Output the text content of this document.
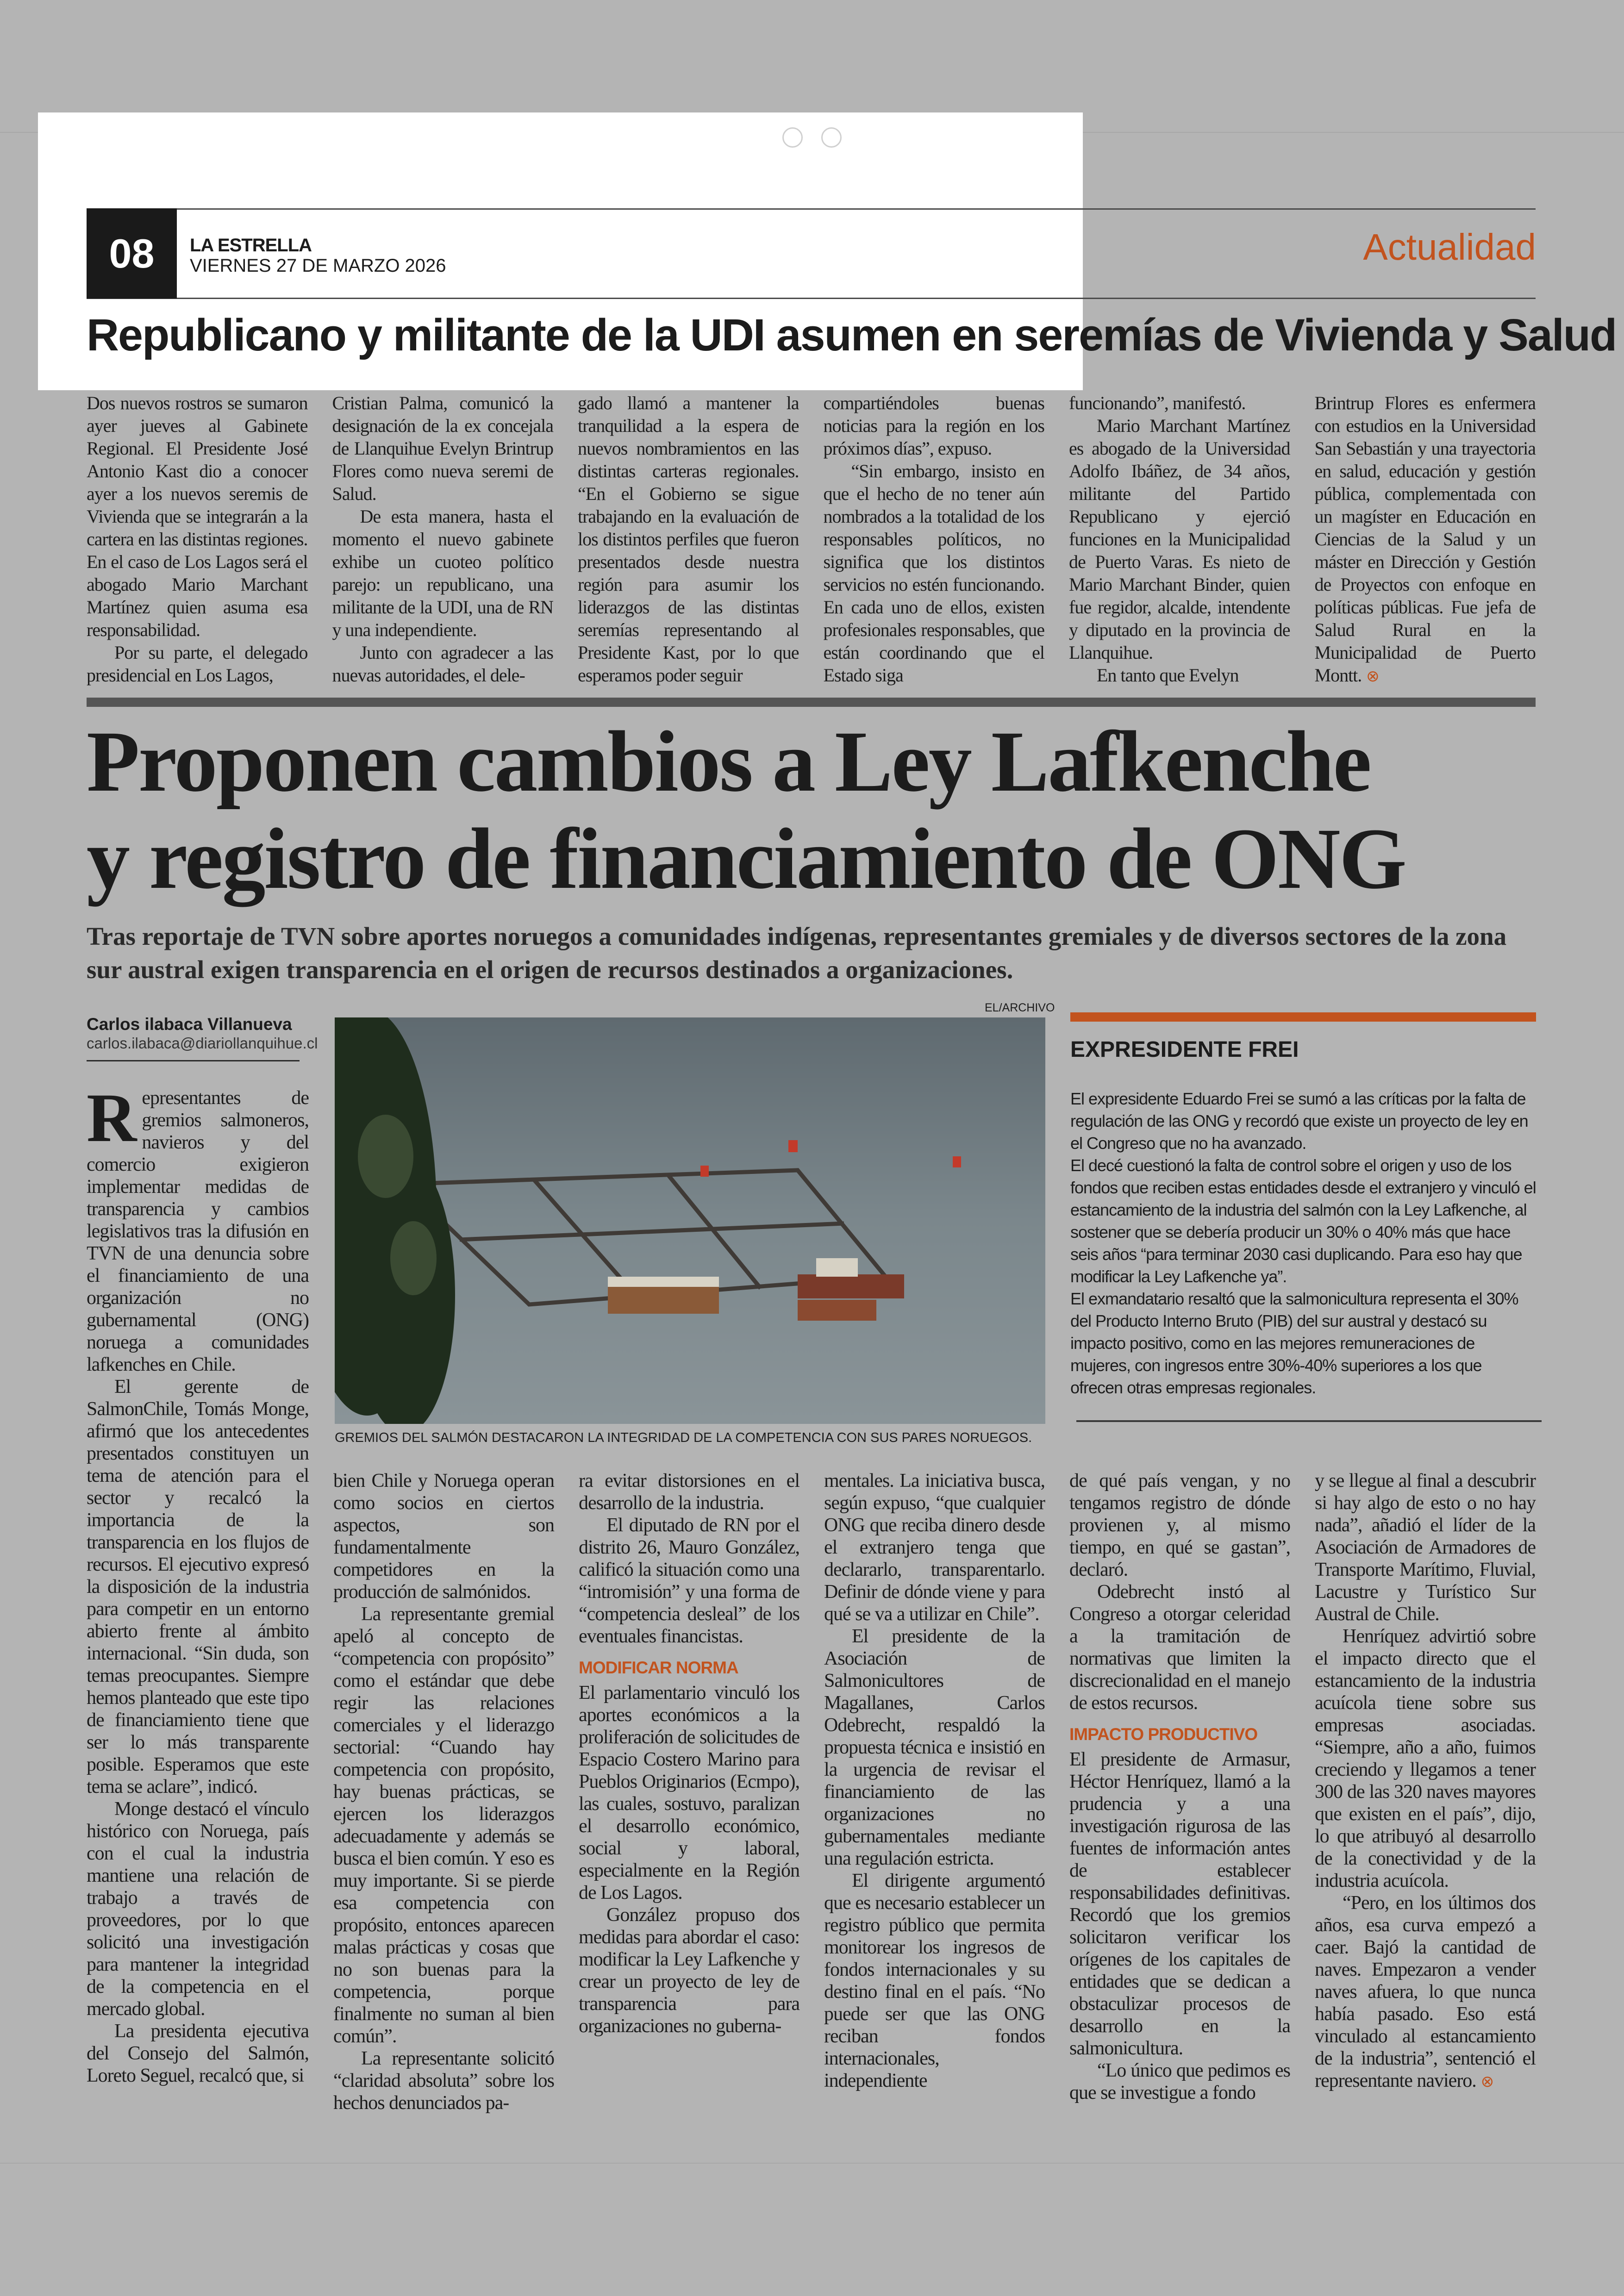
08	LA ESTRELLA
VIERNES 27 DE MARZO 2026	Actualidad
Republicano y militante de la UDI asumen en seremías de Vivienda y Salud

Dos nuevos rostros se sumaron ayer jueves al Gabinete Regional. El Presidente José Antonio Kast dio a conocer ayer a los nuevos seremis de Vivienda que se integrarán a la cartera en las distintas regiones. En el caso de Los Lagos será el abogado Mario Marchant Martínez quien asuma esa responsabilidad.

Por su parte, el delegado presidencial en Los Lagos,

Cristian Palma, comunicó la designación de la ex concejala de Llanquihue Evelyn Brintrup Flores como nueva seremi de Salud.

De esta manera, hasta el momento el nuevo gabinete exhibe un cuoteo político parejo: un republicano, una militante de la UDI, una de RN y una independiente.

Junto con agradecer a las nuevas autoridades, el dele-

gado llamó a mantener la tranquilidad a la espera de nuevos nombramientos en las distintas carteras regionales. “En el Gobierno se sigue trabajando en la evaluación de los distintos perfiles que fueron presentados desde nuestra región para asumir los liderazgos de las distintas seremías representando al Presidente Kast, por lo que esperamos poder seguir

compartiéndoles buenas noticias para la región en los próximos días”, expuso.

“Sin embargo, insisto en que el hecho de no tener aún nombrados a la totalidad de los responsables políticos, no significa que los distintos servicios no estén funcionando. En cada uno de ellos, existen profesionales responsables, que están coordinando que el Estado siga

funcionando”, manifestó.

Mario Marchant Martínez es abogado de la Universidad Adolfo Ibáñez, de 34 años, militante del Partido Republicano y ejerció funciones en la Municipalidad de Puerto Varas. Es nieto de Mario Marchant Binder, quien fue regidor, alcalde, intendente y diputado en la provincia de Llanquihue.

En tanto que Evelyn

Brintrup Flores es enfermera con estudios en la Universidad San Sebastián y una trayectoria en salud, educación y gestión pública, complementada con un magíster en Educación en Ciencias de la Salud y un máster en Dirección y Gestión de Proyectos con enfoque en políticas públicas. Fue jefa de Salud Rural en la Municipalidad de Puerto Montt. ⊗

Proponen cambios a Ley Lafkenche
y registro de financiamiento de ONG
Tras reportaje de TVN sobre aportes noruegos a comunidades indígenas, representantes gremiales y de diversos sectores de la zona sur austral exigen transparencia en el origen de recursos destinados a organizaciones.
Carlos ilabaca Villanueva
carlos.ilabaca@diariollanquihue.cl
EL/ARCHIVO
GREMIOS DEL SALMÓN DESTACARON LA INTEGRIDAD DE LA COMPETENCIA CON SUS PARES NORUEGOS.

Representantes de gremios salmoneros, navieros y del comercio exigieron implementar medidas de transparencia y cambios legislativos tras la difusión en TVN de una denuncia sobre el financiamiento de una organización no gubernamental (ONG) noruega a comunidades lafkenches en Chile.

El gerente de SalmonChile, Tomás Monge, afirmó que los antecedentes presentados constituyen un tema de atención para el sector y recalcó la importancia de la transparencia en los flujos de recursos. El ejecutivo expresó la disposición de la industria para competir en un entorno abierto frente al ámbito internacional. “Sin duda, son temas preocupantes. Siempre hemos planteado que este tipo de financiamiento tiene que ser lo más transparente posible. Esperamos que este tema se aclare”, indicó.

Monge destacó el vínculo histórico con Noruega, país con el cual la industria mantiene una relación de trabajo a través de proveedores, por lo que solicitó una investigación para mantener la integridad de la competencia en el mercado global.

La presidenta ejecutiva del Consejo del Salmón, Loreto Seguel, recalcó que, si

bien Chile y Noruega operan como socios en ciertos aspectos, son fundamentalmente competidores en la producción de salmónidos.

La representante gremial apeló al concepto de “competencia con propósito” como el estándar que debe regir las relaciones comerciales y el liderazgo sectorial: “Cuando hay competencia con propósito, hay buenas prácticas, se ejercen los liderazgos adecuadamente y además se busca el bien común. Y eso es muy importante. Si se pierde esa competencia con propósito, entonces aparecen malas prácticas y cosas que no son buenas para la competencia, porque finalmente no suman al bien común”.

La representante solicitó “claridad absoluta” sobre los hechos denunciados pa-

ra evitar distorsiones en el desarrollo de la industria.

El diputado de RN por el distrito 26, Mauro González, calificó la situación como una “intromisión” y una forma de “competencia desleal” de los eventuales financistas.

MODIFICAR NORMA

El parlamentario vinculó los aportes económicos a la proliferación de solicitudes de Espacio Costero Marino para Pueblos Originarios (Ecmpo), las cuales, sostuvo, paralizan el desarrollo económico, social y laboral, especialmente en la Región de Los Lagos.

González propuso dos medidas para abordar el caso: modificar la Ley Lafkenche y crear un proyecto de ley de transparencia para organizaciones no guberna-

mentales. La iniciativa busca, según expuso, “que cualquier ONG que reciba dinero desde el extranjero tenga que declararlo, transparentarlo. Definir de dónde viene y para qué se va a utilizar en Chile”.

El presidente de la Asociación de Salmonicultores de Magallanes, Carlos Odebrecht, respaldó la propuesta técnica e insistió en la urgencia de revisar el financiamiento de las organizaciones no gubernamentales mediante una regulación estricta.

El dirigente argumentó que es necesario establecer un registro público que permita monitorear los ingresos de fondos internacionales y su destino final en el país. “No puede ser que las ONG reciban fondos internacionales, independiente

de qué país vengan, y no tengamos registro de dónde provienen y, al mismo tiempo, en qué se gastan”, declaró.

Odebrecht instó al Congreso a otorgar celeridad a la tramitación de normativas que limiten la discrecionalidad en el manejo de estos recursos.

IMPACTO PRODUCTIVO

El presidente de Armasur, Héctor Henríquez, llamó a la prudencia y a una investigación rigurosa de las fuentes de información antes de establecer responsabilidades definitivas. Recordó que los gremios solicitaron verificar los orígenes de los capitales de entidades que se dedican a obstaculizar procesos de desarrollo en la salmonicultura.

“Lo único que pedimos es que se investigue a fondo

y se llegue al final a descubrir si hay algo de esto o no hay nada”, añadió el líder de la Asociación de Armadores de Transporte Marítimo, Fluvial, Lacustre y Turístico Sur Austral de Chile.

Henríquez advirtió sobre el impacto directo que el estancamiento de la industria acuícola tiene sobre sus empresas asociadas. “Siempre, año a año, fuimos creciendo y llegamos a tener 300 de las 320 naves mayores que existen en el país”, dijo, lo que atribuyó al desarrollo de la conectividad y de la industria acuícola.

“Pero, en los últimos dos años, esa curva empezó a caer. Bajó la cantidad de naves. Empezaron a vender naves afuera, lo que nunca había pasado. Eso está vinculado al estancamiento de la industria”, sentenció el representante naviero. ⊗

EXPRESIDENTE FREI

El expresidente Eduardo Frei se sumó a las críticas por la falta de regulación de las ONG y recordó que existe un proyecto de ley en el Congreso que no ha avanzado.

El decé cuestionó la falta de control sobre el origen y uso de los fondos que reciben estas entidades desde el extranjero y vinculó el estancamiento de la industria del salmón con la Ley Lafkenche, al sostener que se debería producir un 30% o 40% más que hace seis años “para terminar 2030 casi duplicando. Para eso hay que modificar la Ley Lafkenche ya”.

El exmandatario resaltó que la salmonicultura representa el 30% del Producto Interno Bruto (PIB) del sur austral y destacó su impacto positivo, como en las mejores remuneraciones de mujeres, con ingresos entre 30%-40% superiores a los que ofrecen otras empresas regionales.
